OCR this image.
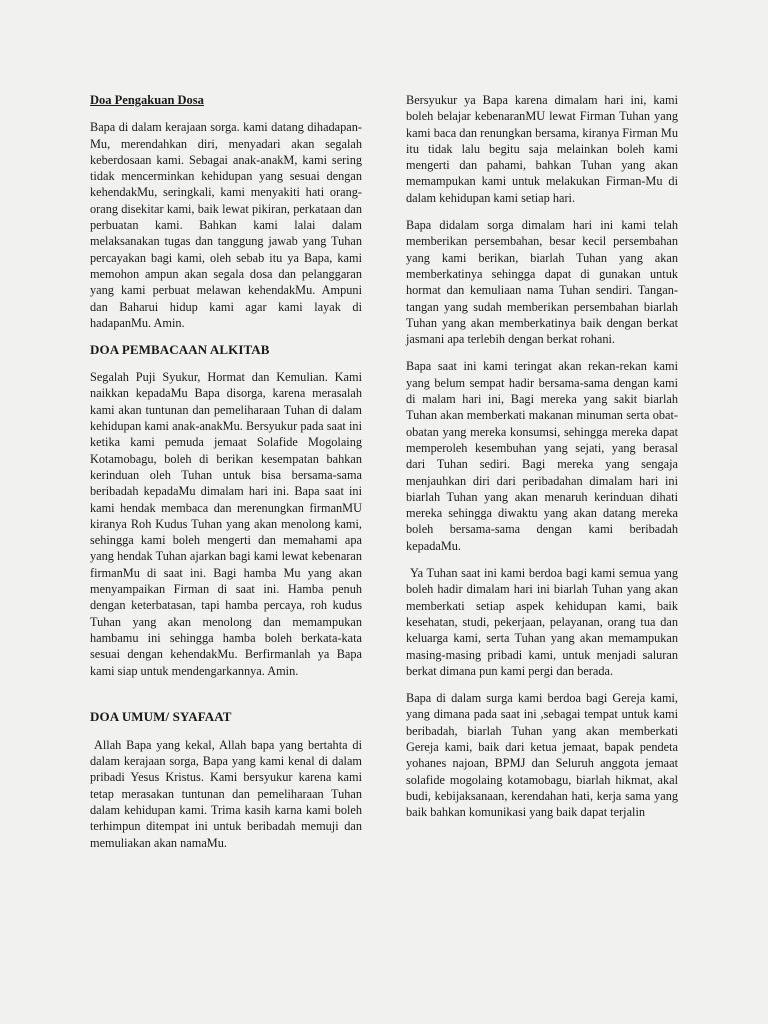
Doa Pengakuan Dosa

Bapa di dalam kerajaan sorga. kami datang dihadapan-Mu, merendahkan diri, menyadari akan segalah keberdosaan kami. Sebagai anak-anakM, kami sering tidak mencerminkan kehidupan yang sesuai dengan kehendakMu, seringkali, kami menyakiti hati orang-orang disekitar kami, baik lewat pikiran, perkataan dan perbuatan kami. Bahkan kami lalai dalam melaksanakan tugas dan tanggung jawab yang Tuhan percayakan bagi kami, oleh sebab itu ya Bapa, kami memohon ampun akan segala dosa dan pelanggaran yang kami perbuat melawan kehendakMu. Ampuni dan Baharui hidup kami agar kami layak di hadapanMu. Amin.

DOA PEMBACAAN ALKITAB

Segalah Puji Syukur, Hormat dan Kemulian. Kami naikkan kepadaMu Bapa disorga, karena merasalah kami akan tuntunan dan pemeliharaan Tuhan di dalam kehidupan kami anak-anakMu. Bersyukur pada saat ini ketika kami pemuda jemaat Solafide Mogolaing Kotamobagu, boleh di berikan kesempatan bahkan kerinduan oleh Tuhan untuk bisa bersama-sama beribadah kepadaMu dimalam hari ini. Bapa saat ini kami hendak membaca dan merenungkan firmanMU kiranya Roh Kudus Tuhan yang akan menolong kami, sehingga kami boleh mengerti dan memahami apa yang hendak Tuhan ajarkan bagi kami lewat kebenaran firmanMu di saat ini. Bagi hamba Mu yang akan menyampaikan Firman di saat ini. Hamba penuh dengan keterbatasan, tapi hamba percaya, roh kudus Tuhan yang akan menolong dan memampukan hambamu ini sehingga hamba boleh berkata-kata sesuai dengan kehendakMu. Berfirmanlah ya Bapa kami siap untuk mendengarkannya. Amin.

DOA UMUM/ SYAFAAT

Allah Bapa yang kekal, Allah bapa yang bertahta di dalam kerajaan sorga, Bapa yang kami kenal di dalam pribadi Yesus Kristus. Kami bersyukur karena kami tetap merasakan tuntunan dan pemeliharaan Tuhan dalam kehidupan kami. Trima kasih karna kami boleh terhimpun ditempat ini untuk beribadah memuji dan memuliakan akan namaMu.

Bersyukur ya Bapa karena dimalam hari ini, kami boleh belajar kebenaranMU lewat Firman Tuhan yang kami baca dan renungkan bersama, kiranya Firman Mu itu tidak lalu begitu saja melainkan boleh kami mengerti dan pahami, bahkan Tuhan yang akan memampukan kami untuk melakukan Firman-Mu di dalam kehidupan kami setiap hari.

Bapa didalam sorga dimalam hari ini kami telah memberikan persembahan, besar kecil persembahan yang kami berikan, biarlah Tuhan yang akan memberkatinya sehingga dapat di gunakan untuk hormat dan kemuliaan nama Tuhan sendiri. Tangan-tangan yang sudah memberikan persembahan biarlah Tuhan yang akan memberkatinya baik dengan berkat jasmani apa terlebih dengan berkat rohani.

Bapa saat ini kami teringat akan rekan-rekan kami yang belum sempat hadir bersama-sama dengan kami di malam hari ini, Bagi mereka yang sakit biarlah Tuhan akan memberkati makanan minuman serta obat-obatan yang mereka konsumsi, sehingga mereka dapat memperoleh kesembuhan yang sejati, yang berasal dari Tuhan sediri. Bagi mereka yang sengaja menjauhkan diri dari peribadahan dimalam hari ini biarlah Tuhan yang akan menaruh kerinduan dihati mereka sehingga diwaktu yang akan datang mereka boleh bersama-sama dengan kami beribadah kepadaMu.

Ya Tuhan saat ini kami berdoa bagi kami semua yang boleh hadir dimalam hari ini biarlah Tuhan yang akan memberkati setiap aspek kehidupan kami, baik kesehatan, studi, pekerjaan, pelayanan, orang tua dan keluarga kami, serta Tuhan yang akan memampukan masing-masing pribadi kami, untuk menjadi saluran berkat dimana pun kami pergi dan berada.

Bapa di dalam surga kami berdoa bagi Gereja kami, yang dimana pada saat ini ,sebagai tempat untuk kami beribadah, biarlah Tuhan yang akan memberkati Gereja kami, baik dari ketua jemaat, bapak pendeta yohanes najoan, BPMJ dan Seluruh anggota jemaat solafide mogolaing kotamobagu, biarlah hikmat, akal budi, kebijaksanaan, kerendahan hati, kerja sama yang baik bahkan komunikasi yang baik dapat terjalin
